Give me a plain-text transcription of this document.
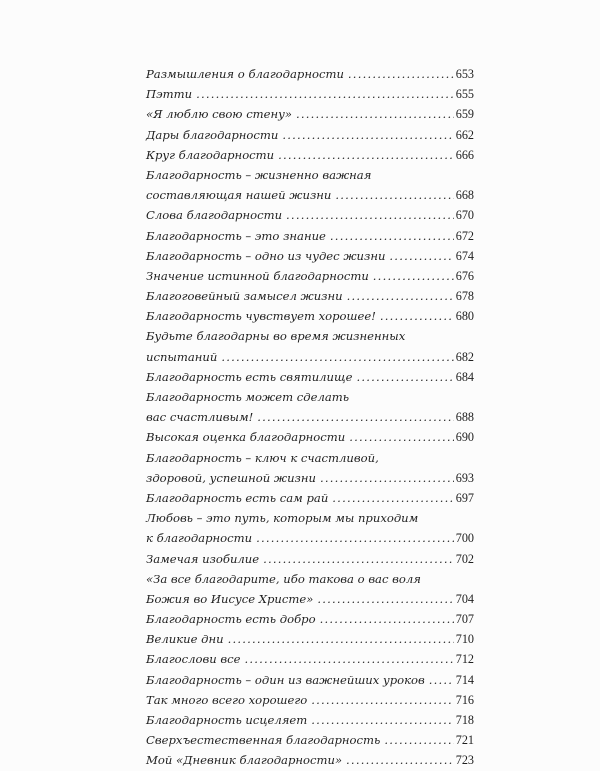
Размышления о благодарности .....	653
Пэтти .....	655
«Я люблю свою стену» .....	659
Дары благодарности .....	662
Круг благодарности .....	666
Благодарность – жизненно важная
составляющая нашей жизни .....	668
Слова благодарности .....	670
Благодарность – это знание .....	672
Благодарность – одно из чудес жизни .....	674
Значение истинной благодарности .....	676
Благоговейный замысел жизни .....	678
Благодарность чувствует хорошее! .....	680
Будьте благодарны во время жизненных
испытаний .....	682
Благодарность есть святилище .....	684
Благодарность может сделать
вас счастливым! .....	688
Высокая оценка благодарности .....	690
Благодарность – ключ к счастливой,
здоровой, успешной жизни .....	693
Благодарность есть сам рай .....	697
Любовь – это путь, которым мы приходим
к благодарности .....	700
Замечая изобилие .....	702
«За все благодарите, ибо такова о вас воля
Божия во Иисусе Христе» .....	704
Благодарность есть добро .....	707
Великие дни .....	710
Благослови все .....	712
Благодарность – один из важнейших уроков .....	714
Так много всего хорошего .....	716
Благодарность исцеляет .....	718
Сверхъестественная благодарность .....	721
Мой «Дневник благодарности» .....	723
